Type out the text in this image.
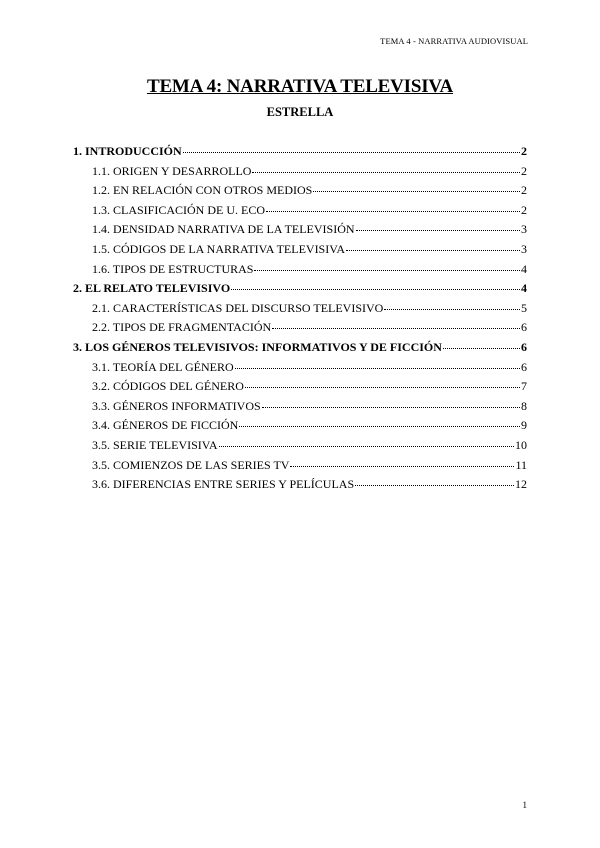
TEMA 4 - NARRATIVA AUDIOVISUAL
TEMA 4: NARRATIVA TELEVISIVA
ESTRELLA
1. INTRODUCCIÓN	2
1.1. ORIGEN Y DESARROLLO	2
1.2. EN RELACIÓN CON OTROS MEDIOS	2
1.3. CLASIFICACIÓN DE U. ECO	2
1.4. DENSIDAD NARRATIVA DE LA TELEVISIÓN	3
1.5. CÓDIGOS DE LA NARRATIVA TELEVISIVA	3
1.6. TIPOS DE ESTRUCTURAS	4
2. EL RELATO TELEVISIVO	4
2.1. CARACTERÍSTICAS DEL DISCURSO TELEVISIVO	5
2.2. TIPOS DE FRAGMENTACIÓN	6
3. LOS GÉNEROS TELEVISIVOS: INFORMATIVOS Y DE FICCIÓN	6
3.1. TEORÍA DEL GÉNERO	6
3.2. CÓDIGOS DEL GÉNERO	7
3.3. GÉNEROS INFORMATIVOS	8
3.4. GÉNEROS DE FICCIÓN	9
3.5. SERIE TELEVISIVA	10
3.5. COMIENZOS DE LAS SERIES TV	11
3.6. DIFERENCIAS ENTRE SERIES Y PELÍCULAS	12
1
